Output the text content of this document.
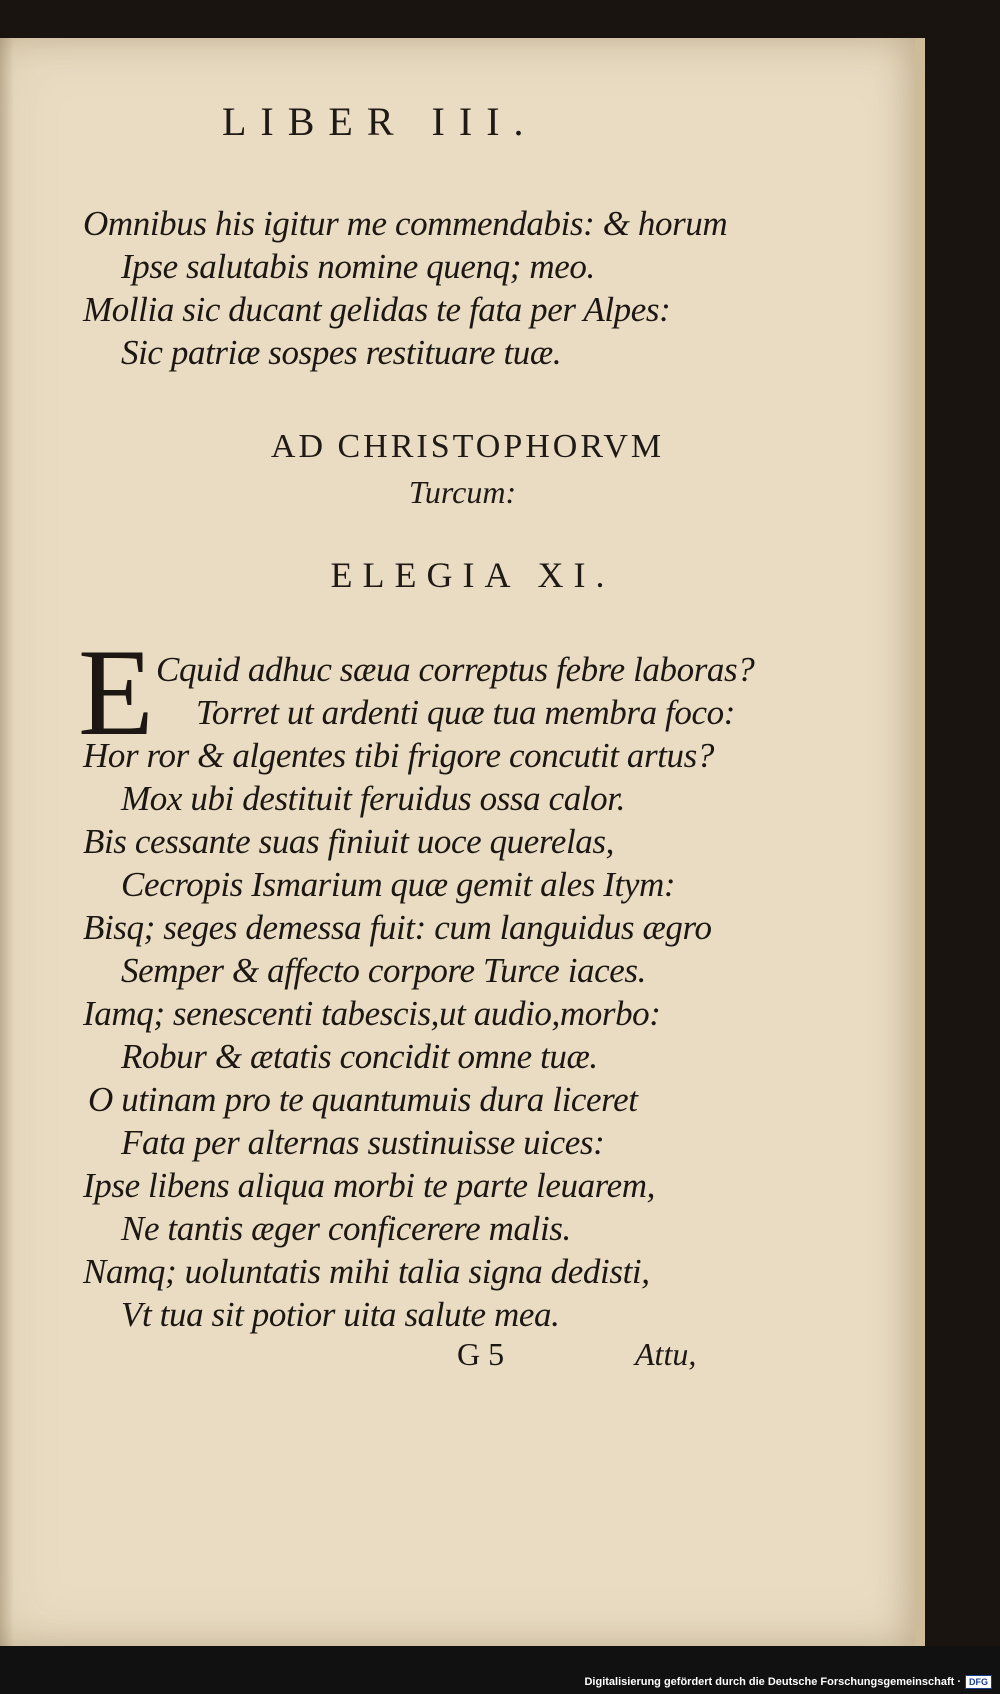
LIBER III.

Omnibus his igitur me commendabis: & horum

Ipse salutabis nomine quenq; meo.

Mollia sic ducant gelidas te fata per Alpes:

Sic patriæ sospes restituare tuæ.

AD CHRISTOPHORVM
Turcum:
ELEGIA XI.
E Cquid adhuc sæua correptus febre laboras?

Torret ut ardenti quæ tua membra foco:

Hor ror & algentes tibi frigore concutit artus?

Mox ubi destituit feruidus ossa calor.

Bis cessante suas finiuit uoce querelas,

Cecropis Ismarium quæ gemit ales Itym:

Bisq; seges demessa fuit: cum languidus ægro

Semper & affecto corpore Turce iaces.

Iamq; senescenti tabescis,ut audio,morbo:

Robur & ætatis concidit omne tuæ.

O utinam pro te quantumuis dura liceret

Fata per alternas sustinuisse uices:

Ipse libens aliqua morbi te parte leuarem,

Ne tantis æger conficerere malis.

Namq; uoluntatis mihi talia signa dedisti,

Vt tua sit potior uita salute mea.

G 5	Attu,
Digitalisierung gefördert durch die Deutsche Forschungsgemeinschaft · DFG
